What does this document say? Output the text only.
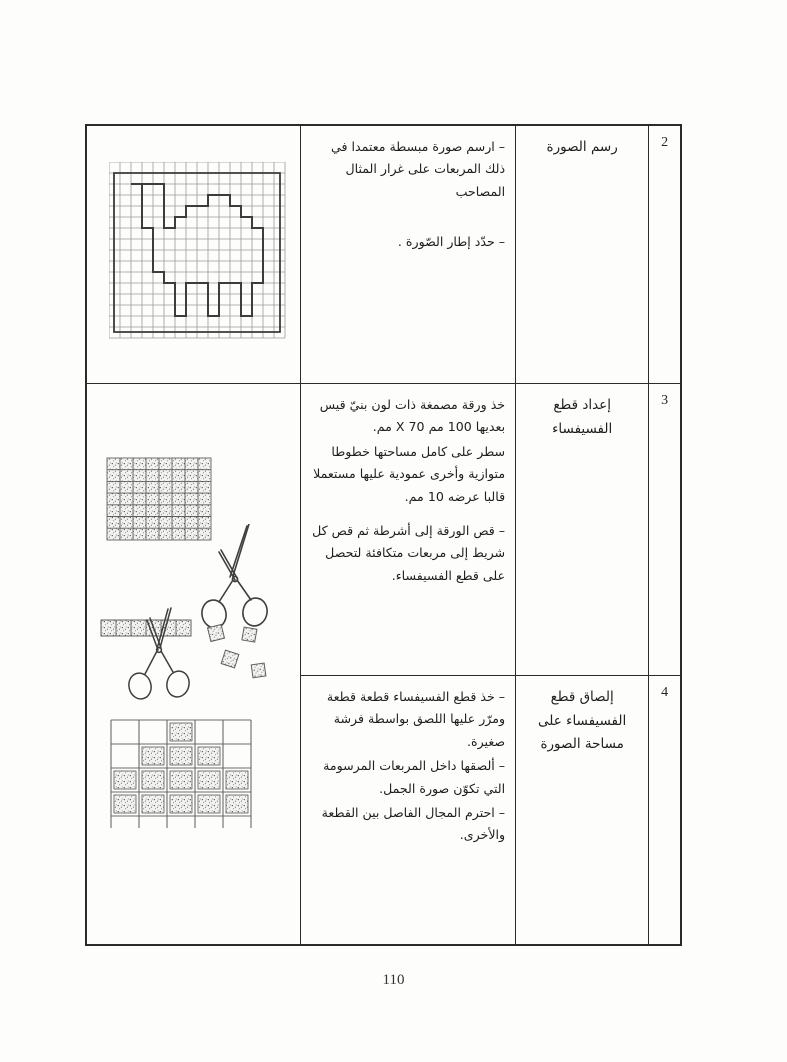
2
3
4
رسم الصورة
إعداد قطع الفسيفساء
إلصاق قطع الفسيفساء على مساحة الصورة

– ارسم صورة مبسطة معتمدا في ذلك المربعات على غرار المثال المصاحب

– حدّد إطار الصّورة .

خذ ورقة مصمغة ذات لون بنيّ قيس بعديها 100 مم X 70 مم.

سطر على كامل مساحتها خطوطا متوازية وأخرى عمودية عليها مستعملا قالبا عرضه 10 مم.

– قص الورقة إلى أشرطة ثم قص كل شريط إلى مربعات متكافئة لتحصل على قطع الفسيفساء.

– خذ قطع الفسيفساء قطعة قطعة ومرّر عليها اللصق بواسطة فرشة صغيرة.

– ألصقها داخل المربعات المرسومة التي تكوّن صورة الجمل.

– احترم المجال الفاصل بين القطعة والأخرى.

110
